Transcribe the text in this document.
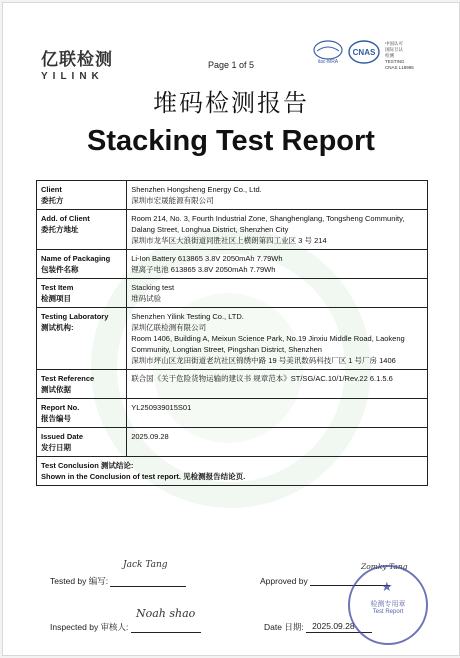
亿联检测
YILINK
Page 1 of 5	ilac-MRA
CNAS
中国认可
国际互认
检测
TESTING
CNAS L18995
堆码检测报告
Stacking Test Report
Client
委托方	Shenzhen Hongsheng Energy Co., Ltd.
深圳市宏晟能源有限公司

Add. of Client
委托方地址	Room 214, No. 3, Fourth Industrial Zone, Shanghenglang, Tongsheng Community,
Dalang Street, Longhua District, Shenzhen City
深圳市龙华区大浪街道同胜社区上横朗第四工业区 3 号 214

Name of Packaging
包装件名称	Li-Ion Battery 613865 3.8V 2050mAh 7.79Wh
锂离子电池 613865 3.8V 2050mAh 7.79Wh

Test Item
检测项目	Stacking test
堆码试验

Testing Laboratory
测试机构:	Shenzhen Yilink Testing Co., LTD.
深圳亿联检测有限公司
Room 1406, Building A, Meixun Science Park, No.19 Jinxiu Middle Road, Laokeng
Community, Longtian Street, Pingshan District, Shenzhen
深圳市坪山区龙田街道老坑社区锦绣中路 19 号美讯数码科技厂区 1 号厂房 1406

Test Reference
测试依据	联合国《关于危险货物运输的建议书 规章范本》ST/SG/AC.10/1/Rev.22 6.1.5.6

Report No.
报告编号	YL250939015S01

Issued Date
发行日期	2025.09.28

Test Conclusion 测试结论:
Shown in the Conclusion of test report. 见检测报告结论页.	
Tested by 编写:
Jack Tang
Approved by
Zomky Tang
Inspected by 审核人:
Noah shao
Date 日期: 2025.09.28
★
检测专用章
Test Report
